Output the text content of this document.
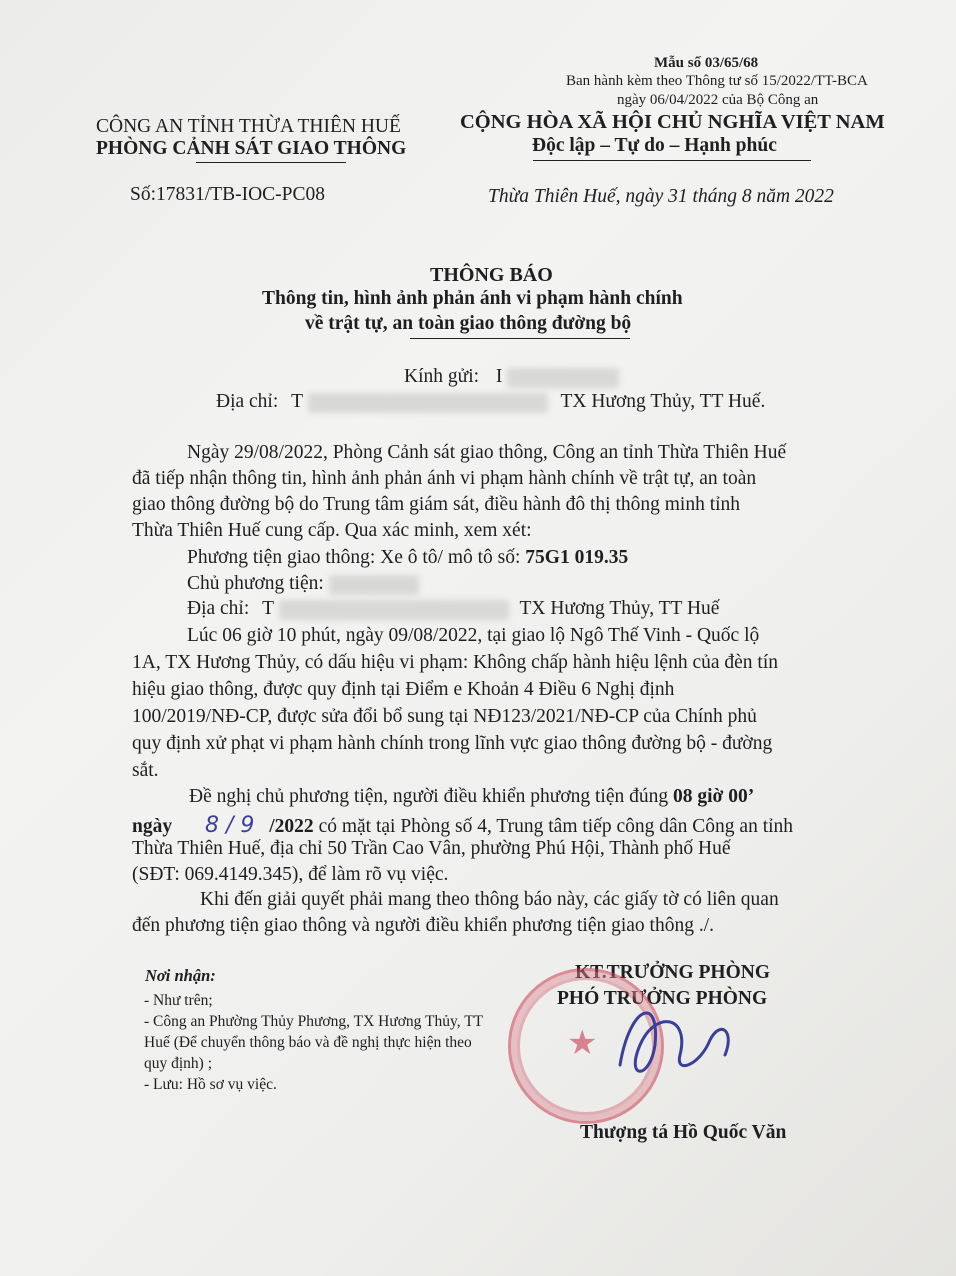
Mẫu số 03/65/68
Ban hành kèm theo Thông tư số 15/2022/TT-BCA
ngày 06/04/2022 của Bộ Công an
CÔNG AN TỈNH THỪA THIÊN HUẾ
PHÒNG CẢNH SÁT GIAO THÔNG
Số:17831/TB-IOC-PC08
CỘNG HÒA XÃ HỘI CHỦ NGHĨA VIỆT NAM
Độc lập – Tự do – Hạnh phúc
Thừa Thiên Huế, ngày 31 tháng 8 năm 2022
THÔNG BÁO
Thông tin, hình ảnh phản ánh vi phạm hành chính
về trật tự, an toàn giao thông đường bộ
Kính gửi: I
Địa chỉ: T	TX Hương Thủy, TT Huế.
Ngày 29/08/2022, Phòng Cảnh sát giao thông, Công an tỉnh Thừa Thiên Huế
đã tiếp nhận thông tin, hình ảnh phản ánh vi phạm hành chính về trật tự, an toàn
giao thông đường bộ do Trung tâm giám sát, điều hành đô thị thông minh tỉnh
Thừa Thiên Huế cung cấp. Qua xác minh, xem xét:
Phương tiện giao thông: Xe ô tô/ mô tô số: 75G1 019.35
Chủ phương tiện:
Địa chỉ: T	TX Hương Thủy, TT Huế
Lúc 06 giờ 10 phút, ngày 09/08/2022, tại giao lộ Ngô Thế Vinh - Quốc lộ
1A, TX Hương Thủy, có dấu hiệu vi phạm: Không chấp hành hiệu lệnh của đèn tín
hiệu giao thông, được quy định tại Điểm e Khoản 4 Điều 6 Nghị định
100/2019/NĐ-CP, được sửa đổi bổ sung tại NĐ123/2021/NĐ-CP của Chính phủ
quy định xử phạt vi phạm hành chính trong lĩnh vực giao thông đường bộ - đường
sắt.
Đề nghị chủ phương tiện, người điều khiển phương tiện đúng 08 giờ 00’
ngày 8 / 9 /2022 có mặt tại Phòng số 4, Trung tâm tiếp công dân Công an tỉnh
Thừa Thiên Huế, địa chỉ 50 Trần Cao Vân, phường Phú Hội, Thành phố Huế
(SĐT: 069.4149.345), để làm rõ vụ việc.
Khi đến giải quyết phải mang theo thông báo này, các giấy tờ có liên quan
đến phương tiện giao thông và người điều khiển phương tiện giao thông ./.
Nơi nhận:
- Như trên;
- Công an Phường Thủy Phương, TX Hương Thủy, TT Huế (Để chuyển thông báo và đề nghị thực hiện theo quy định) ;
- Lưu: Hồ sơ vụ việc.
KT.TRƯỞNG PHÒNG
PHÓ TRƯỞNG PHÒNG
★
Thượng tá Hồ Quốc Văn
